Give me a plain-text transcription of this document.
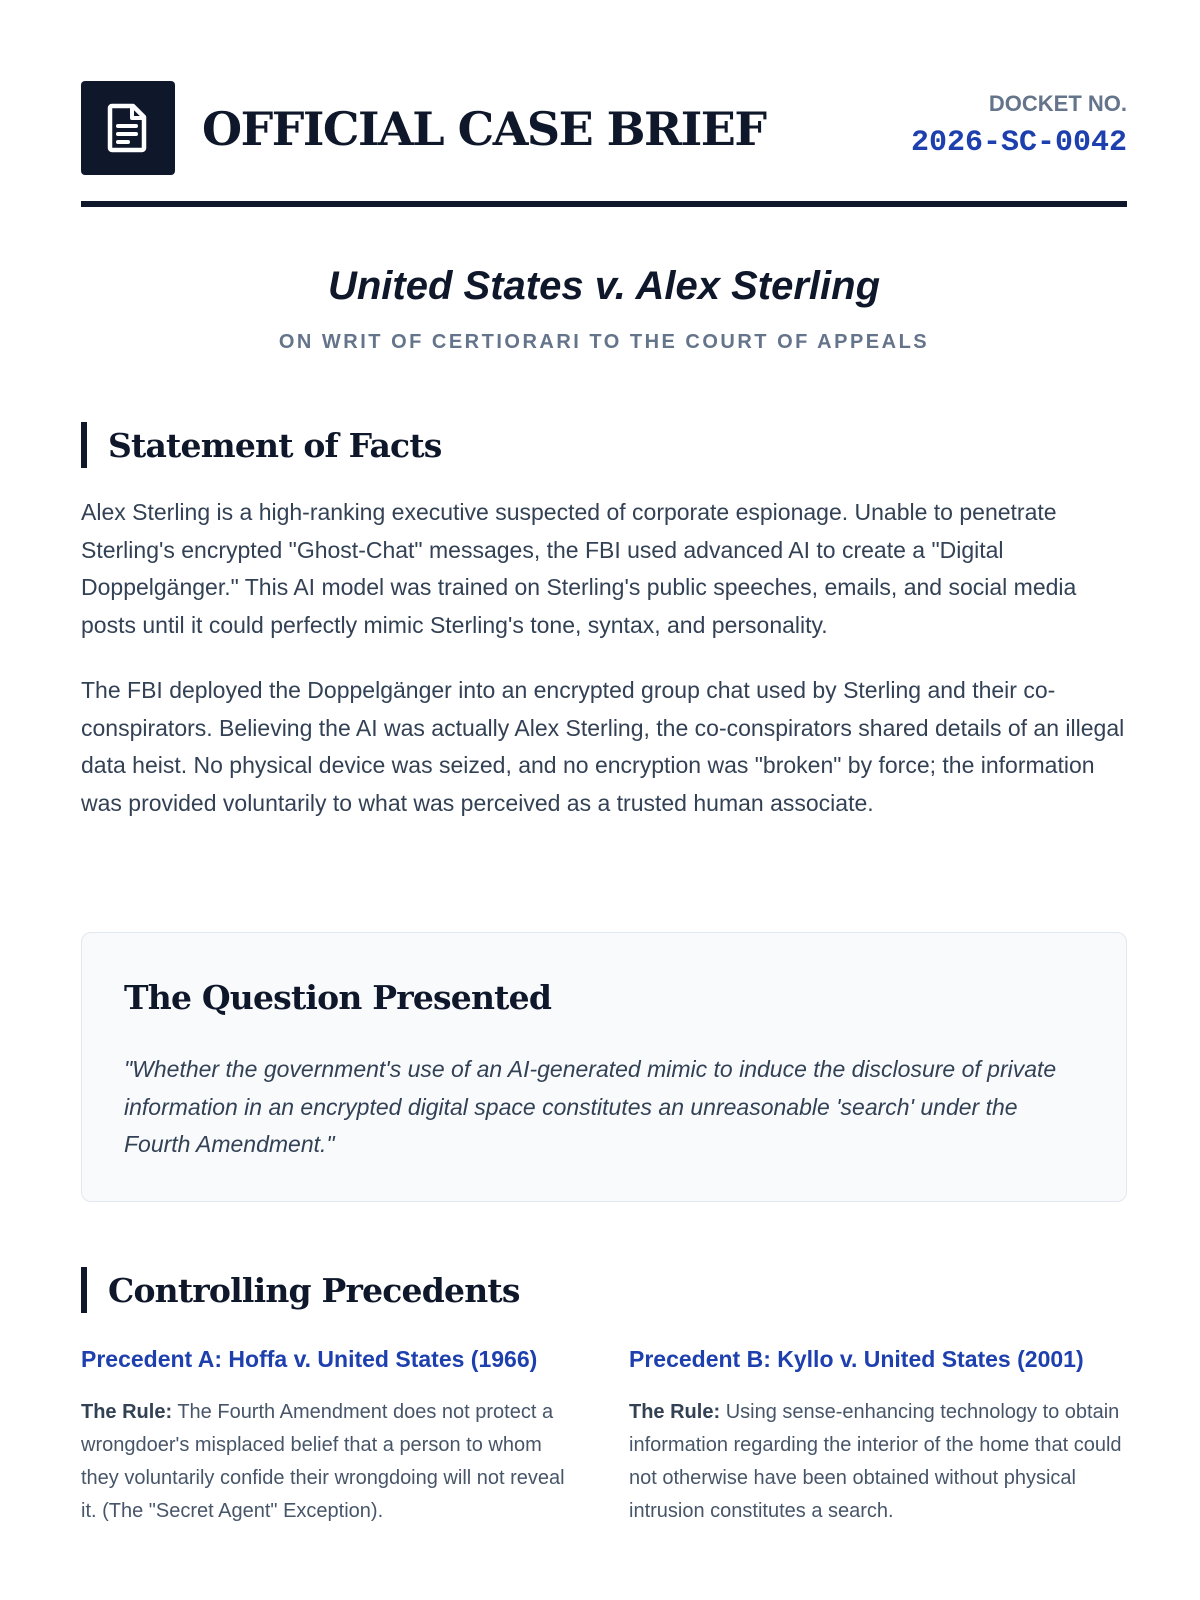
OFFICIAL CASE BRIEF	DOCKET NO.
2026-SC-0042
United States v. Alex Sterling
ON WRIT OF CERTIORARI TO THE COURT OF APPEALS
Statement of Facts

Alex Sterling is a high-ranking executive suspected of corporate espionage. Unable to penetrate Sterling's encrypted "Ghost-Chat" messages, the FBI used advanced AI to create a "Digital Doppelgänger." This AI model was trained on Sterling's public speeches, emails, and social media posts until it could perfectly mimic Sterling's tone, syntax, and personality.

The FBI deployed the Doppelgänger into an encrypted group chat used by Sterling and their co-conspirators. Believing the AI was actually Alex Sterling, the co-conspirators shared details of an illegal data heist. No physical device was seized, and no encryption was "broken" by force; the information was provided voluntarily to what was perceived as a trusted human associate.

The Question Presented
"Whether the government's use of an AI-generated mimic to induce the disclosure of private information in an encrypted digital space constitutes an unreasonable 'search' under the Fourth Amendment."
Controlling Precedents
Precedent A: Hoffa v. United States (1966)
The Rule: The Fourth Amendment does not protect a wrongdoer's misplaced belief that a person to whom they voluntarily confide their wrongdoing will not reveal it. (The "Secret Agent" Exception).
Precedent B: Kyllo v. United States (2001)
The Rule: Using sense-enhancing technology to obtain information regarding the interior of the home that could not otherwise have been obtained without physical intrusion constitutes a search.
